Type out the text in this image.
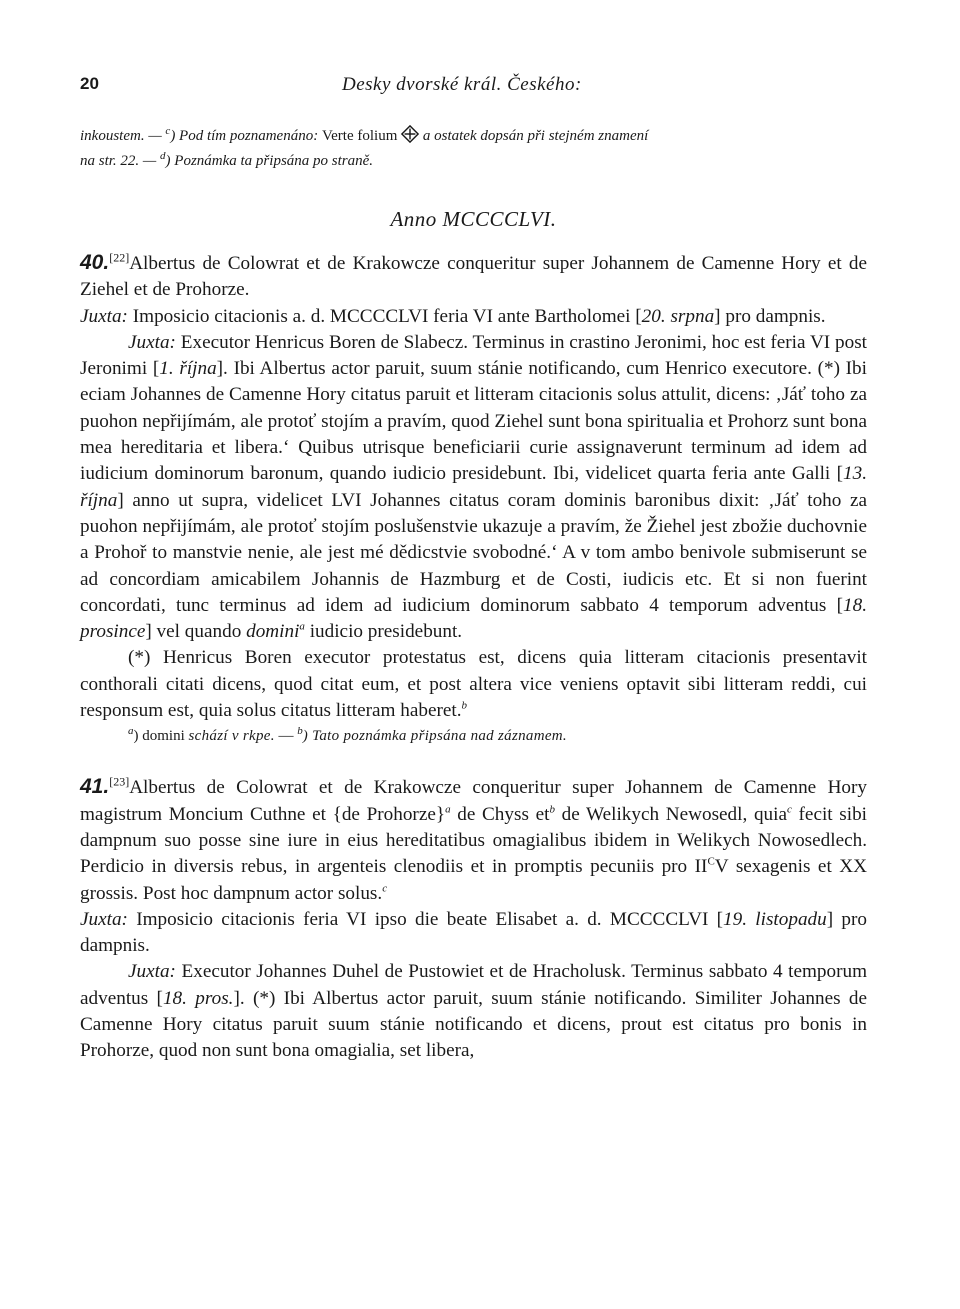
20	Desky dvorské král. Českého:
inkoustem. — $^c$) Pod tím poznamenáno: Verte folium  a ostatek dopsán při stejném znamení
na str. 22. — $^d$) Poznámka ta připsána po straně.
Anno MCCCCLVI.

40.[22]Albertus de Colowrat et de Krakowcze conqueritur super Johannem de Camenne Hory et de Ziehel et de Prohorze.

Juxta: Imposicio citacionis a. d. MCCCCLVI feria VI ante Bartholomei [20. srpna] pro dampnis.

Juxta: Executor Henricus Boren de Slabecz. Terminus in crastino Jeronimi, hoc est feria VI post Jeronimi [1. října]. Ibi Albertus actor paruit, suum stánie notificando, cum Henrico executore. (*) Ibi eciam Johannes de Camenne Hory citatus paruit et litteram citacionis solus attulit, dicens: ‚Jáť toho za puohon nepřijímám, ale protoť stojím a pravím, quod Ziehel sunt bona spiritualia et Prohorz sunt bona mea hereditaria et libera.‘ Quibus utrisque beneficiarii curie assignaverunt terminum ad idem ad iudicium dominorum baronum, quando iudicio presidebunt. Ibi, videlicet quarta feria ante Galli [13. října] anno ut supra, videlicet LVI Johannes citatus coram dominis baronibus dixit: ‚Jáť toho za puohon nepřijímám, ale protoť stojím poslušenstvie ukazuje a pravím, že Žiehel jest zbožie duchovnie a Prohoř to manstvie nenie, ale jest mé dědicstvie svobodné.‘ A v tom ambo benivole submiserunt se ad concordiam amicabilem Johannis de Hazmburg et de Costi, iudicis etc. Et si non fuerint concordati, tunc terminus ad idem ad iudicium dominorum sabbato 4 temporum adventus [18. prosince] vel quando domini$^a$ iudicio presidebunt.

(*) Henricus Boren executor protestatus est, dicens quia litteram citacionis presentavit conthorali citati dicens, quod citat eum, et post altera vice veniens optavit sibi litteram reddi, cui responsum est, quia solus citatus litteram haberet.$^b$

$^a$) domini schází v rkpe. — $^b$) Tato poznámka připsána nad záznamem.

41.[23]Albertus de Colowrat et de Krakowcze conqueritur super Johannem de Camenne Hory magistrum Moncium Cuthne et {de Prohorze}$^a$ de Chyss $et^b$ de Welikych Newosedl, quia$^c$ fecit sibi dampnum suo posse sine iure in eius hereditatibus omagialibus ibidem in Welikych Nowosedlech. Perdicio in diversis rebus, in argenteis clenodiis et in promptis pecuniis pro $II^CV$ sexagenis et XX grossis. Post hoc dampnum actor solus.$^c$

Juxta: Imposicio citacionis feria VI ipso die beate Elisabet a. d. MCCCCLVI [19. listopadu] pro dampnis.

Juxta: Executor Johannes Duhel de Pustowiet et de Hracholusk. Terminus sabbato 4 temporum adventus [18. pros.]. (*) Ibi Albertus actor paruit, suum stánie notificando. Similiter Johannes de Camenne Hory citatus paruit suum stánie notificando et dicens, prout est citatus pro bonis in Prohorze, quod non sunt bona omagialia, set libera,
